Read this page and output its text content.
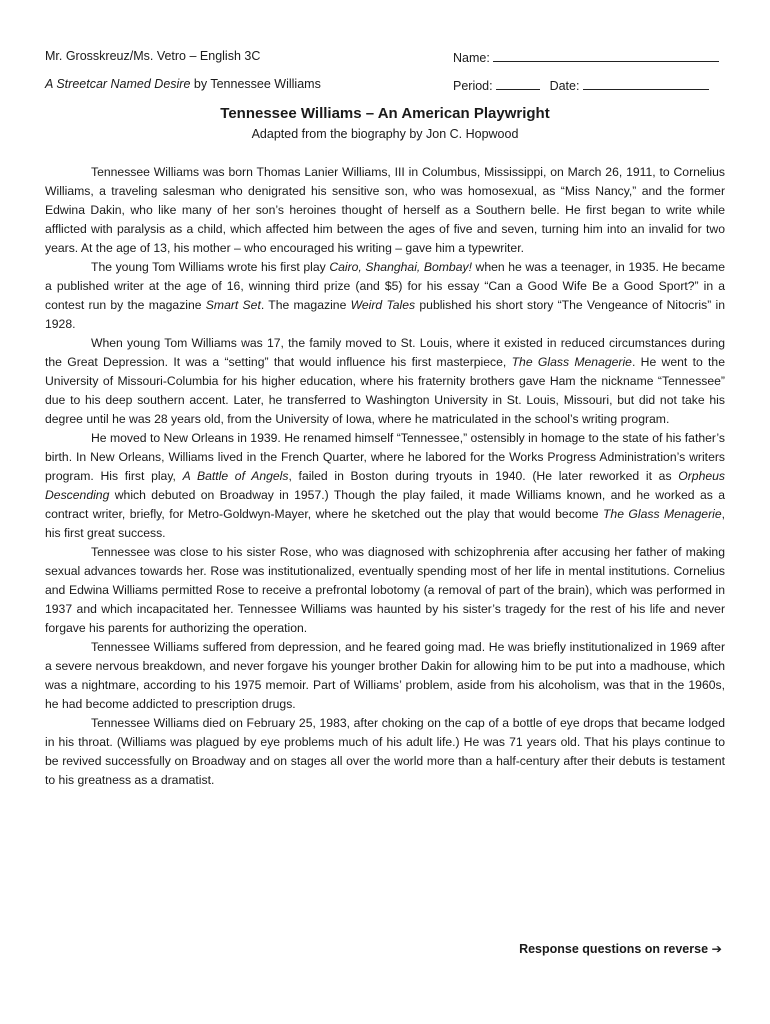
Mr. Grosskreuz/Ms. Vetro – English 3C
A Streetcar Named Desire by Tennessee Williams
Name:
Period:	Date:
Tennessee Williams – An American Playwright
Adapted from the biography by Jon C. Hopwood

Tennessee Williams was born Thomas Lanier Williams, III in Columbus, Mississippi, on March 26, 1911, to Cornelius Williams, a traveling salesman who denigrated his sensitive son, who was homosexual, as “Miss Nancy,” and the former Edwina Dakin, who like many of her son’s heroines thought of herself as a Southern belle. He first began to write while afflicted with paralysis as a child, which affected him between the ages of five and seven, turning him into an invalid for two years. At the age of 13, his mother – who encouraged his writing – gave him a typewriter.

The young Tom Williams wrote his first play Cairo, Shanghai, Bombay! when he was a teenager, in 1935. He became a published writer at the age of 16, winning third prize (and $5) for his essay “Can a Good Wife Be a Good Sport?” in a contest run by the magazine Smart Set. The magazine Weird Tales published his short story “The Vengeance of Nitocris” in 1928.

When young Tom Williams was 17, the family moved to St. Louis, where it existed in reduced circumstances during the Great Depression. It was a “setting” that would influence his first masterpiece, The Glass Menagerie. He went to the University of Missouri-Columbia for his higher education, where his fraternity brothers gave Ham the nickname “Tennessee” due to his deep southern accent. Later, he transferred to Washington University in St. Louis, Missouri, but did not take his degree until he was 28 years old, from the University of Iowa, where he matriculated in the school’s writing program.

He moved to New Orleans in 1939. He renamed himself “Tennessee,” ostensibly in homage to the state of his father’s birth. In New Orleans, Williams lived in the French Quarter, where he labored for the Works Progress Administration’s writers program. His first play, A Battle of Angels, failed in Boston during tryouts in 1940. (He later reworked it as Orpheus Descending which debuted on Broadway in 1957.) Though the play failed, it made Williams known, and he worked as a contract writer, briefly, for Metro-Goldwyn-Mayer, where he sketched out the play that would become The Glass Menagerie, his first great success.

Tennessee was close to his sister Rose, who was diagnosed with schizophrenia after accusing her father of making sexual advances towards her. Rose was institutionalized, eventually spending most of her life in mental institutions. Cornelius and Edwina Williams permitted Rose to receive a prefrontal lobotomy (a removal of part of the brain), which was performed in 1937 and which incapacitated her. Tennessee Williams was haunted by his sister’s tragedy for the rest of his life and never forgave his parents for authorizing the operation.

Tennessee Williams suffered from depression, and he feared going mad. He was briefly institutionalized in 1969 after a severe nervous breakdown, and never forgave his younger brother Dakin for allowing him to be put into a madhouse, which was a nightmare, according to his 1975 memoir. Part of Williams’ problem, aside from his alcoholism, was that in the 1960s, he had become addicted to prescription drugs.

Tennessee Williams died on February 25, 1983, after choking on the cap of a bottle of eye drops that became lodged in his throat. (Williams was plagued by eye problems much of his adult life.) He was 71 years old. That his plays continue to be revived successfully on Broadway and on stages all over the world more than a half-century after their debuts is testament to his greatness as a dramatist.

Response questions on reverse ➔
